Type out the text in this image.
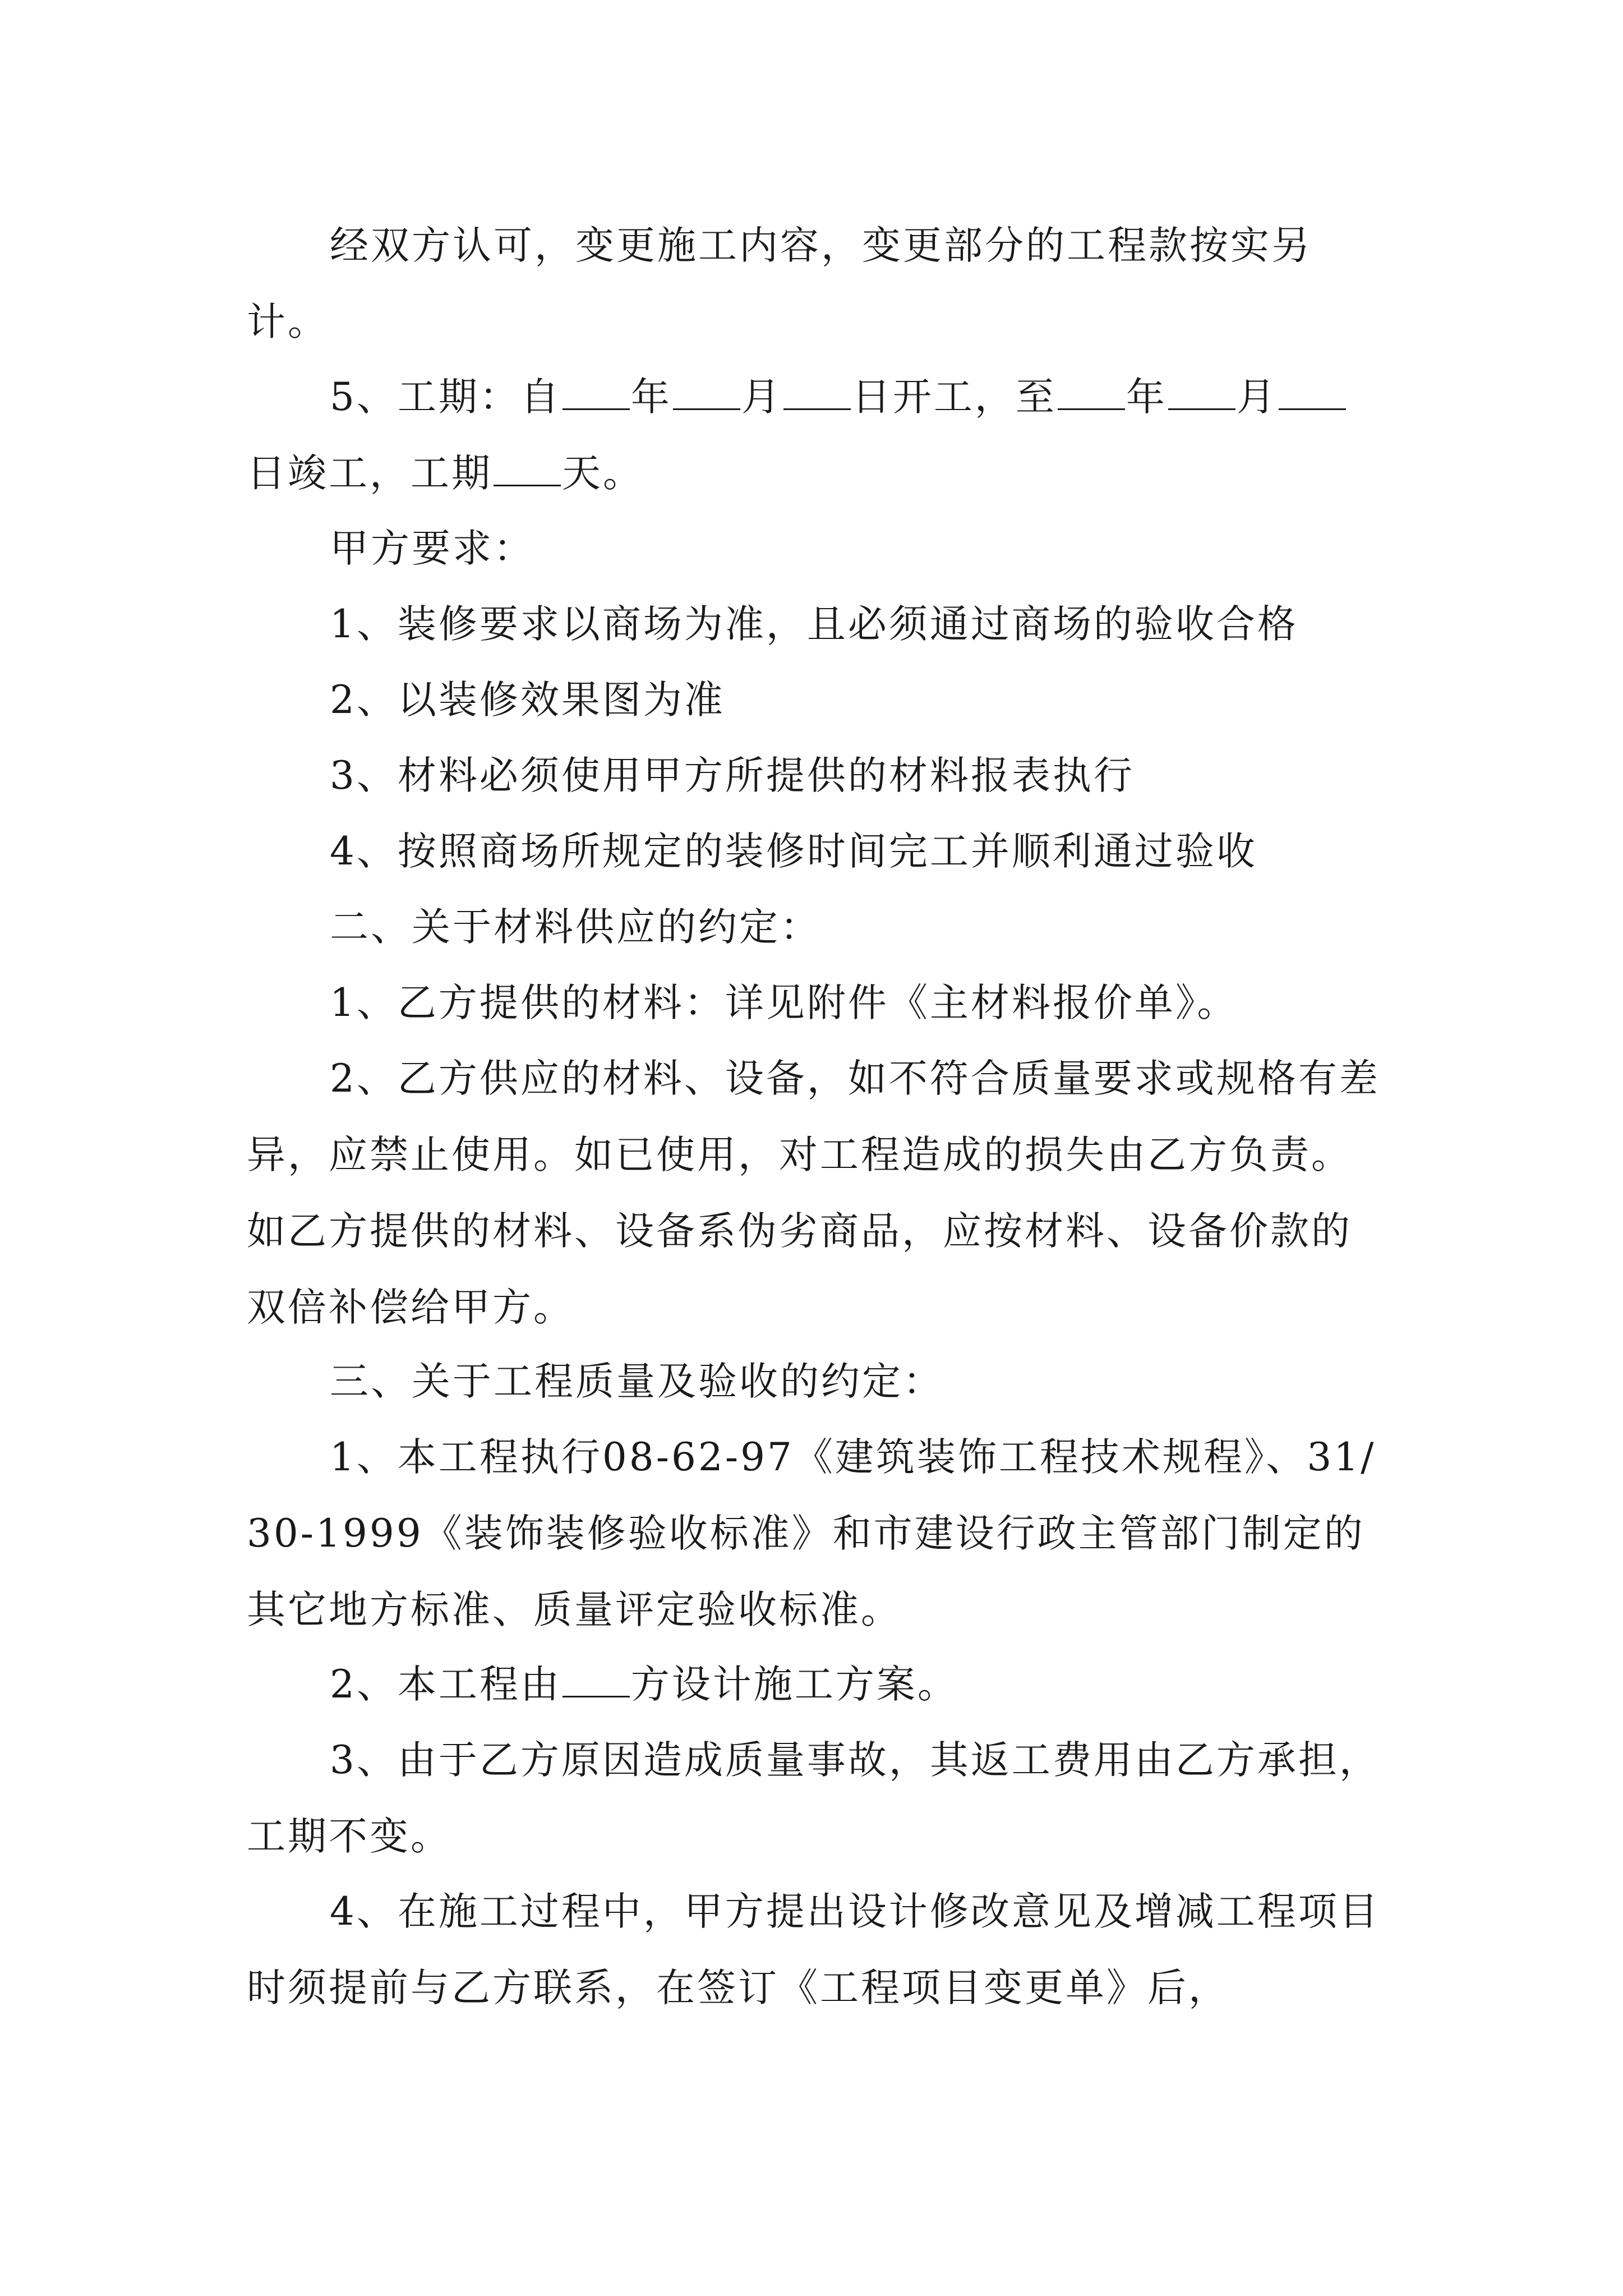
经双方认可，变更施工内容，变更部分的工程款按实另计。

5、工期：自 年 月 日开工，至 年 月日竣工，工期 天。

甲方要求：

1、装修要求以商场为准，且必须通过商场的验收合格

2、以装修效果图为准

3、材料必须使用甲方所提供的材料报表执行

4、按照商场所规定的装修时间完工并顺利通过验收

二、关于材料供应的约定：

1、乙方提供的材料：详见附件《主材料报价单》。

2、乙方供应的材料、设备，如不符合质量要求或规格有差异，应禁止使用。如已使用，对工程造成的损失由乙方负责。如乙方提供的材料、设备系伪劣商品，应按材料、设备价款的双倍补偿给甲方。

三、关于工程质量及验收的约定：

1、本工程执行08-62-97《建筑装饰工程技术规程》、31/30-1999《装饰装修验收标准》和市建设行政主管部门制定的其它地方标准、质量评定验收标准。

2、本工程由 方设计施工方案。

3、由于乙方原因造成质量事故，其返工费用由乙方承担，工期不变。

4、在施工过程中，甲方提出设计修改意见及增减工程项目时须提前与乙方联系，在签订《工程项目变更单》后，
